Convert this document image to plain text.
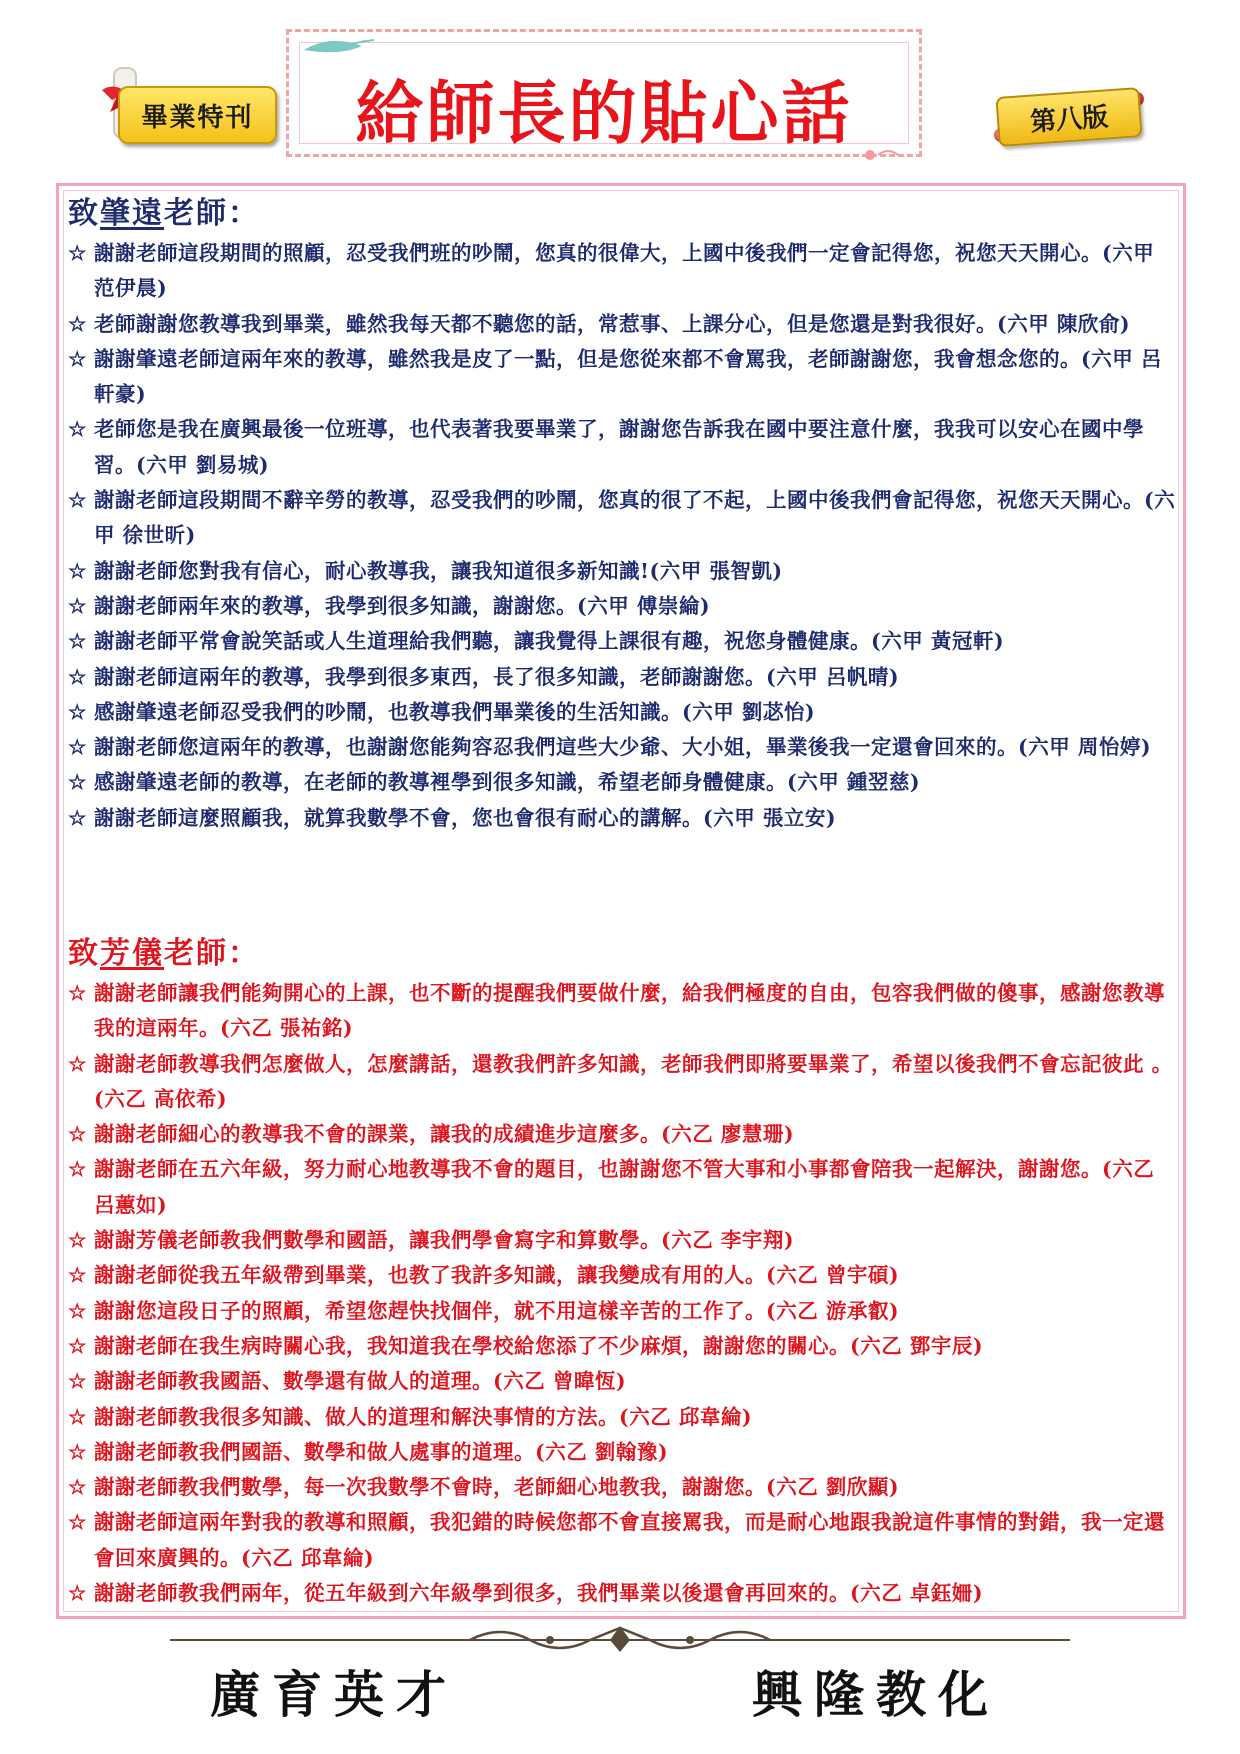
畢業特刊	給師長的貼心話	第八版
致肇遠老師：
☆ 謝謝老師這段期間的照顧，忍受我們班的吵鬧，您真的很偉大，上國中後我們一定會記得您，祝您天天開心。(六甲 范伊晨)
☆ 老師謝謝您教導我到畢業，雖然我每天都不聽您的話，常惹事、上課分心，但是您還是對我很好。(六甲 陳欣俞)
☆ 謝謝肇遠老師這兩年來的教導，雖然我是皮了一點，但是您從來都不會罵我，老師謝謝您，我會想念您的。(六甲 呂軒豪)
☆ 老師您是我在廣興最後一位班導，也代表著我要畢業了，謝謝您告訴我在國中要注意什麼，我我可以安心在國中學習。(六甲 劉易城)
☆ 謝謝老師這段期間不辭辛勞的教導，忍受我們的吵鬧，您真的很了不起，上國中後我們會記得您，祝您天天開心。(六甲 徐世昕)
☆ 謝謝老師您對我有信心，耐心教導我，讓我知道很多新知識!(六甲 張智凱)
☆ 謝謝老師兩年來的教導，我學到很多知識，謝謝您。(六甲 傅崇綸)
☆ 謝謝老師平常會說笑話或人生道理給我們聽，讓我覺得上課很有趣，祝您身體健康。(六甲 黃冠軒)
☆ 謝謝老師這兩年的教導，我學到很多東西，長了很多知識，老師謝謝您。(六甲 呂帆晴)
☆ 感謝肇遠老師忍受我們的吵鬧，也教導我們畢業後的生活知識。(六甲 劉苾怡)
☆ 謝謝老師您這兩年的教導，也謝謝您能夠容忍我們這些大少爺、大小姐，畢業後我一定還會回來的。(六甲 周怡婷)
☆ 感謝肇遠老師的教導，在老師的教導裡學到很多知識，希望老師身體健康。(六甲 鍾翌慈)
☆ 謝謝老師這麼照顧我，就算我數學不會，您也會很有耐心的講解。(六甲 張立安)
致芳儀老師：
☆ 謝謝老師讓我們能夠開心的上課，也不斷的提醒我們要做什麼，給我們極度的自由，包容我們做的傻事，感謝您教導我的這兩年。(六乙 張祐銘)
☆ 謝謝老師教導我們怎麼做人，怎麼講話，還教我們許多知識，老師我們即將要畢業了，希望以後我們不會忘記彼此 。(六乙 高依希)
☆ 謝謝老師細心的教導我不會的課業，讓我的成績進步這麼多。(六乙 廖慧珊)
☆ 謝謝老師在五六年級，努力耐心地教導我不會的題目，也謝謝您不管大事和小事都會陪我一起解決，謝謝您。(六乙 呂蕙如)
☆ 謝謝芳儀老師教我們數學和國語，讓我們學會寫字和算數學。(六乙 李宇翔)
☆ 謝謝老師從我五年級帶到畢業，也教了我許多知識，讓我變成有用的人。(六乙 曾宇碩)
☆ 謝謝您這段日子的照顧，希望您趕快找個伴，就不用這樣辛苦的工作了。(六乙 游承叡)
☆ 謝謝老師在我生病時關心我，我知道我在學校給您添了不少麻煩，謝謝您的關心。(六乙 鄧宇辰)
☆ 謝謝老師教我國語、數學還有做人的道理。(六乙 曾暐恆)
☆ 謝謝老師教我很多知識、做人的道理和解決事情的方法。(六乙 邱韋綸)
☆ 謝謝老師教我們國語、數學和做人處事的道理。(六乙 劉翰豫)
☆ 謝謝老師教我們數學，每一次我數學不會時，老師細心地教我，謝謝您。(六乙 劉欣顯)
☆ 謝謝老師這兩年對我的教導和照顧，我犯錯的時候您都不會直接罵我，而是耐心地跟我說這件事情的對錯，我一定還會回來廣興的。(六乙 邱韋綸)
☆ 謝謝老師教我們兩年，從五年級到六年級學到很多，我們畢業以後還會再回來的。(六乙 卓鈺姍)
廣育英才	興隆教化
